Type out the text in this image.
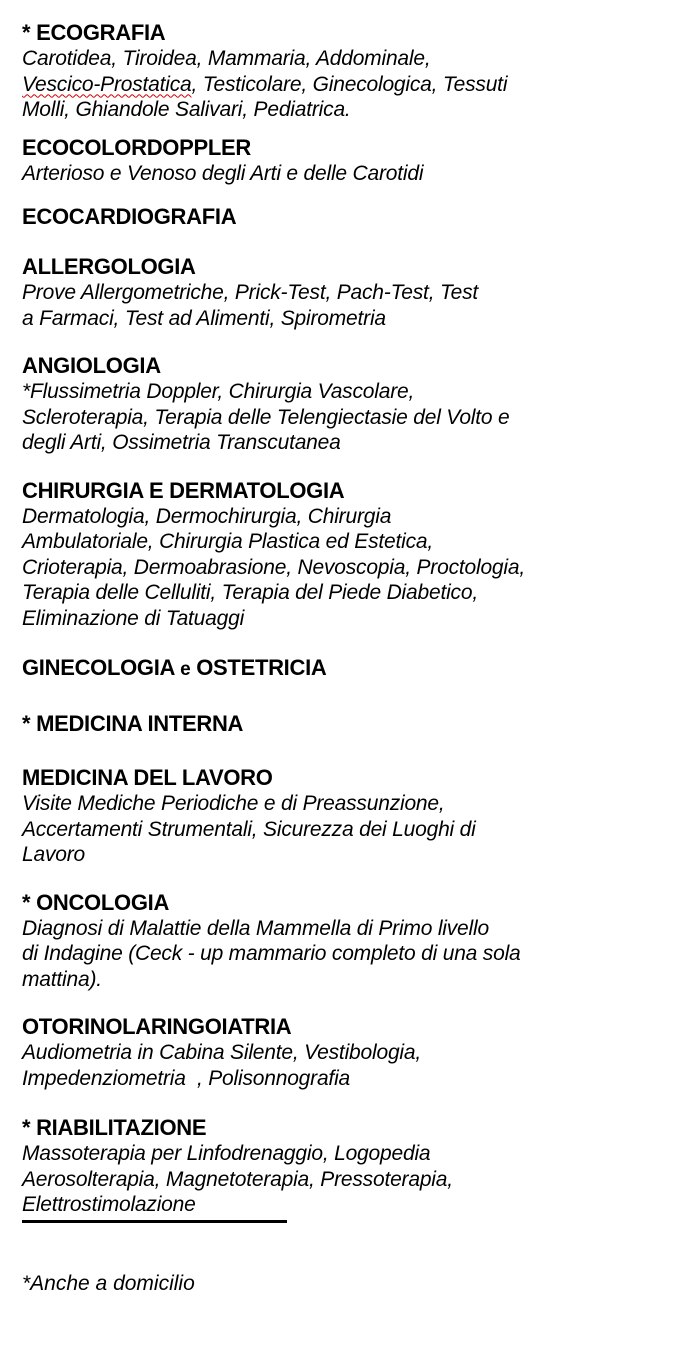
* ECOGRAFIA
Carotidea, Tiroidea, Mammaria, Addominale,
Vescico-Prostatica, Testicolare, Ginecologica, Tessuti
Molli, Ghiandole Salivari, Pediatrica.
ECOCOLORDOPPLER
Arterioso e Venoso degli Arti e delle Carotidi
ECOCARDIOGRAFIA
ALLERGOLOGIA
Prove Allergometriche, Prick-Test, Pach-Test, Test
a Farmaci, Test ad Alimenti, Spirometria
ANGIOLOGIA
*Flussimetria Doppler, Chirurgia Vascolare,
Scleroterapia, Terapia delle Telengiectasie del Volto e
degli Arti, Ossimetria Transcutanea
CHIRURGIA E DERMATOLOGIA
Dermatologia, Dermochirurgia, Chirurgia
Ambulatoriale, Chirurgia Plastica ed Estetica,
Crioterapia, Dermoabrasione, Nevoscopia, Proctologia,
Terapia delle Celluliti, Terapia del Piede Diabetico,
Eliminazione di Tatuaggi
GINECOLOGIA e OSTETRICIA
* MEDICINA INTERNA
MEDICINA DEL LAVORO
Visite Mediche Periodiche e di Preassunzione,
Accertamenti Strumentali, Sicurezza dei Luoghi di
Lavoro
* ONCOLOGIA
Diagnosi di Malattie della Mammella di Primo livello
di Indagine (Ceck - up mammario completo di una sola
mattina).
OTORINOLARINGOIATRIA
Audiometria in Cabina Silente, Vestibologia,
Impedenziometria  , Polisonnografia
* RIABILITAZIONE
Massoterapia per Linfodrenaggio, Logopedia
Aerosolterapia, Magnetoterapia, Pressoterapia,
Elettrostimolazione
*Anche a domicilio
